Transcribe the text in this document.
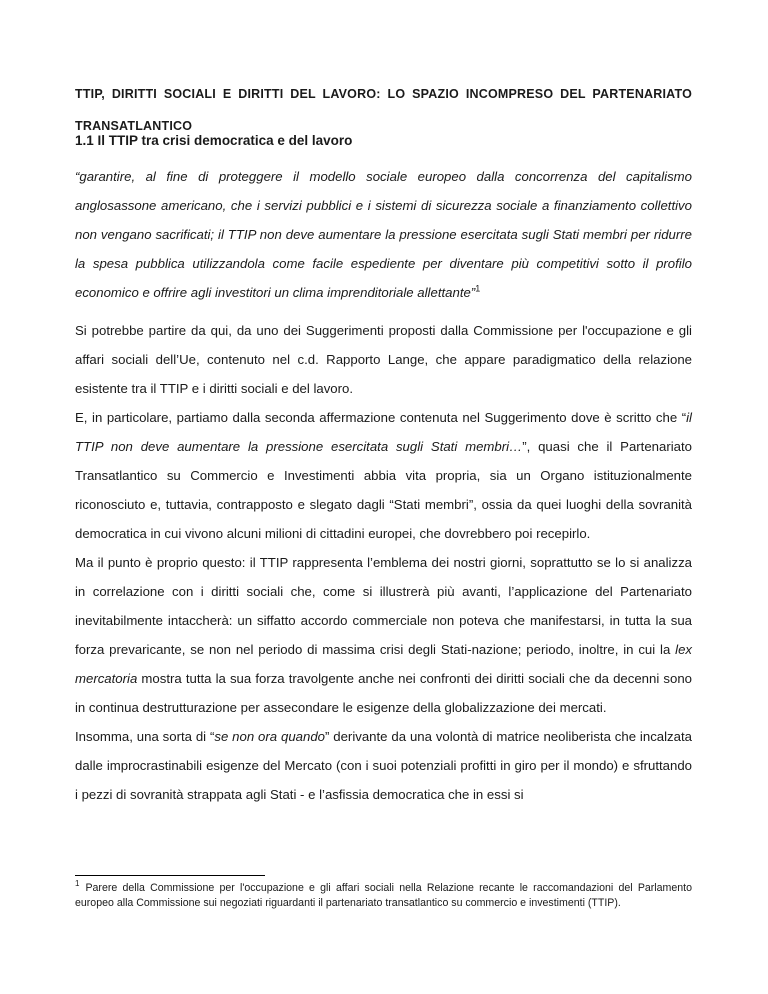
TTIP, DIRITTI SOCIALI E DIRITTI DEL LAVORO: LO SPAZIO INCOMPRESO DEL PARTENARIATO TRANSATLANTICO
1.1 Il TTIP tra crisi democratica e del lavoro

“garantire, al fine di proteggere il modello sociale europeo dalla concorrenza del capitalismo anglosassone americano, che i servizi pubblici e i sistemi di sicurezza sociale a finanziamento collettivo non vengano sacrificati; il TTIP non deve aumentare la pressione esercitata sugli Stati membri per ridurre la spesa pubblica utilizzandola come facile espediente per diventare più competitivi sotto il profilo economico e offrire agli investitori un clima imprenditoriale allettante”$^1$

Si potrebbe partire da qui, da uno dei Suggerimenti proposti dalla Commissione per l'occupazione e gli affari sociali dell’Ue, contenuto nel c.d. Rapporto Lange, che appare paradigmatico della relazione esistente tra il TTIP e i diritti sociali e del lavoro.

E, in particolare, partiamo dalla seconda affermazione contenuta nel Suggerimento dove è scritto che “il TTIP non deve aumentare la pressione esercitata sugli Stati membri…”, quasi che il Partenariato Transatlantico su Commercio e Investimenti abbia vita propria, sia un Organo istituzionalmente riconosciuto e, tuttavia, contrapposto e slegato dagli “Stati membri”, ossia da quei luoghi della sovranità democratica in cui vivono alcuni milioni di cittadini europei, che dovrebbero poi recepirlo.

Ma il punto è proprio questo: il TTIP rappresenta l’emblema dei nostri giorni, soprattutto se lo si analizza in correlazione con i diritti sociali che, come si illustrerà più avanti, l’applicazione del Partenariato inevitabilmente intaccherà: un siffatto accordo commerciale non poteva che manifestarsi, in tutta la sua forza prevaricante, se non nel periodo di massima crisi degli Stati-nazione; periodo, inoltre, in cui la lex mercatoria mostra tutta la sua forza travolgente anche nei confronti dei diritti sociali che da decenni sono in continua destrutturazione per assecondare le esigenze della globalizzazione dei mercati.

Insomma, una sorta di “se non ora quando” derivante da una volontà di matrice neoliberista che incalzata dalle improcrastinabili esigenze del Mercato (con i suoi potenziali profitti in giro per il mondo) e sfruttando i pezzi di sovranità strappata agli Stati - e l’asfissia democratica che in essi si

$^1$ Parere della Commissione per l'occupazione e gli affari sociali nella Relazione recante le raccomandazioni del Parlamento europeo alla Commissione sui negoziati riguardanti il partenariato transatlantico su commercio e investimenti (TTIP).
